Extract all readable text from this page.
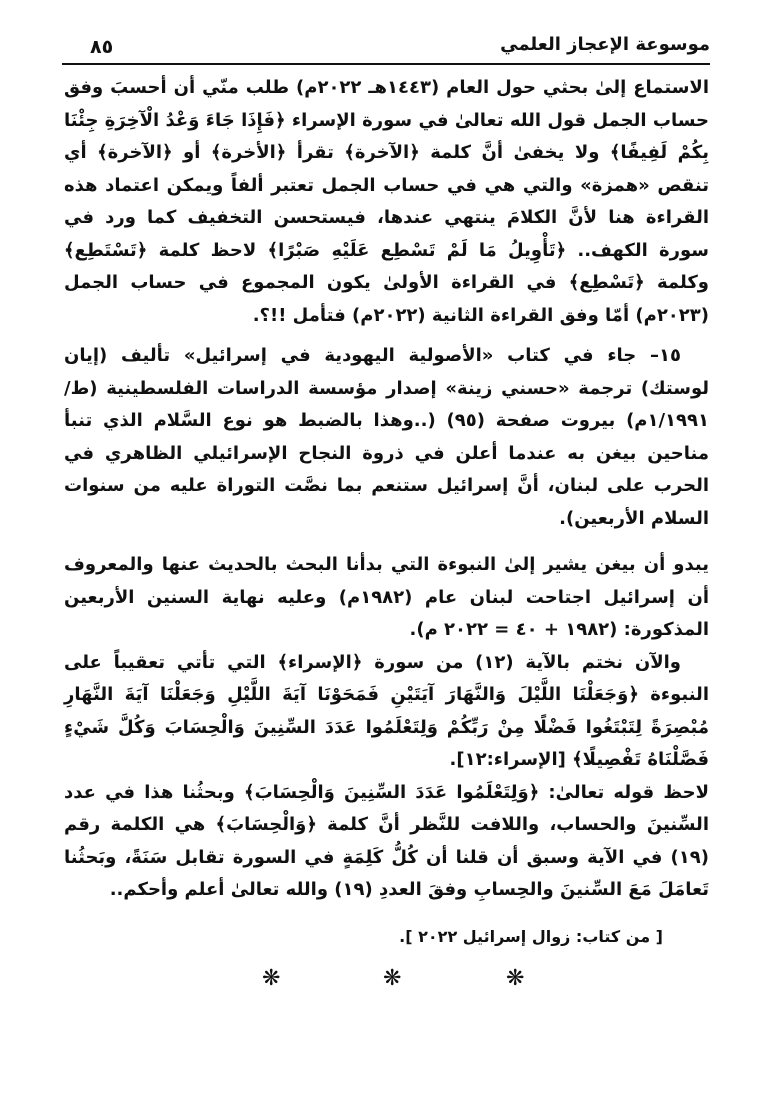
٨٥	موسوعة الإعجاز العلمي

الاستماع إلىٰ بحثي حول العام (١٤٤٣هـ ٢٠٢٢م) طلب منّي أن أحسبَ وفق حساب الجمل قول الله تعالىٰ في سورة الإسراء ﴿فَإِذَا جَاءَ وَعْدُ الْآخِرَةِ جِئْنَا بِكُمْ لَفِيفًا﴾ ولا يخفىٰ أنَّ كلمة ﴿الآخرة﴾ تقرأ ﴿الأخرة﴾ أو ﴿الآخرة﴾ أي تنقص «همزة» والتي هي في حساب الجمل تعتبر ألفاً ويمكن اعتماد هذه القراءة هنا لأنَّ الكلامَ ينتهي عندها، فيستحسن التخفيف كما ورد في سورة الكهف.. ﴿تَأْوِيلُ مَا لَمْ تَسْطِع عَلَيْهِ صَبْرًا﴾ لاحظ كلمة ﴿تَسْتَطِع﴾ وكلمة ﴿تَسْطِع﴾ في القراءة الأولىٰ يكون المجموع في حساب الجمل (٢٠٢٣م) أمّا وفق القراءة الثانية (٢٠٢٢م) فتأمل !!؟.

١٥– جاء في كتاب «الأصولية اليهودية في إسرائيل» تأليف (إيان لوستك) ترجمة «حسني زينة» إصدار مؤسسة الدراسات الفلسطينية (ط/١/١٩٩١م) بيروت صفحة (٩٥) (..وهذا بالضبط هو نوع السَّلام الذي تنبأ مناحين بيغن به عندما أعلن في ذروة النجاح الإسرائيلي الظاهري في الحرب على لبنان، أنَّ إسرائيل ستنعم بما نصَّت التوراة عليه من سنوات السلام الأربعين).

يبدو أن بيغن يشير إلىٰ النبوءة التي بدأنا البحث بالحديث عنها والمعروف أن إسرائيل اجتاحت لبنان عام (١٩٨٢م) وعليه نهاية السنين الأربعين المذكورة: (١٩٨٢ + ٤٠ = ٢٠٢٢ م).

والآن نختم بالآية (١٢) من سورة ﴿الإسراء﴾ التي تأتي تعقيباً على النبوءة ﴿وَجَعَلْنَا اللَّيْلَ وَالنَّهَارَ آيَتَيْنِ فَمَحَوْنَا آيَةَ اللَّيْلِ وَجَعَلْنَا آيَةَ النَّهَارِ مُبْصِرَةً لِتَبْتَغُوا فَضْلًا مِنْ رَبِّكُمْ وَلِتَعْلَمُوا عَدَدَ السِّنِينَ وَالْحِسَابَ وَكُلَّ شَيْءٍ فَصَّلْنَاهُ تَفْصِيلًا﴾ [الإسراء:١٢].

لاحظ قوله تعالىٰ: ﴿وَلِتَعْلَمُوا عَدَدَ السِّنِينَ وَالْحِسَابَ﴾ وبحثُنا هذا في عدد السِّنينَ والحساب، واللافت للنَّظر أنَّ كلمة ﴿وَالْحِسَابَ﴾ هي الكلمة رقم (١٩) في الآية وسبق أن قلنا أن كُلُّ كَلِمَةٍ في السورة تقابل سَنَةً، وبَحثُنا تَعامَلَ مَعَ السِّنينَ والحِسابِ وفقَ العددِ (١٩) والله تعالىٰ أعلم وأحكم..

[ من كتاب: زوال إسرائيل ٢٠٢٢ ].

❋	❋	❋
